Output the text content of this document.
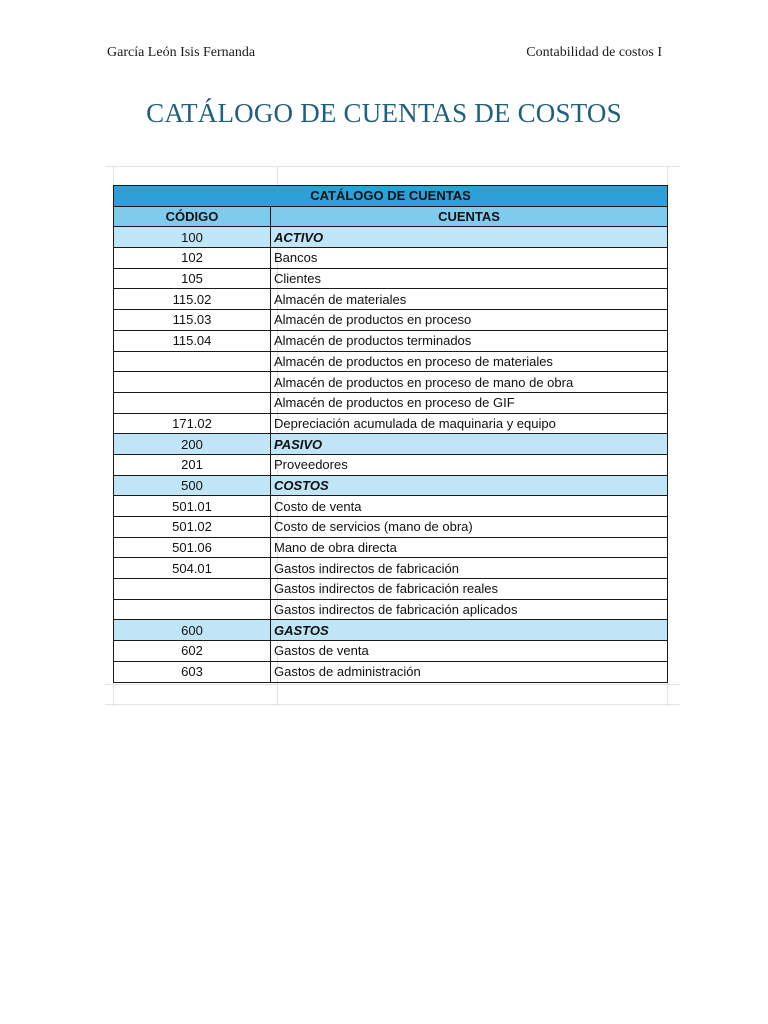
García León Isis Fernanda	Contabilidad de costos I
CATÁLOGO DE CUENTAS DE COSTOS
CATÁLOGO DE CUENTAS	
CÓDIGO	CUENTAS
100	ACTIVO
102	Bancos
105	Clientes
115.02	Almacén de materiales
115.03	Almacén de productos en proceso
115.04	Almacén de productos terminados
	Almacén de productos en proceso de materiales
	Almacén de productos en proceso de mano de obra
	Almacén de productos en proceso de GIF
171.02	Depreciación acumulada de maquinaria y equipo
200	PASIVO
201	Proveedores
500	COSTOS
501.01	Costo de venta
501.02	Costo de servicios (mano de obra)
501.06	Mano de obra directa
504.01	Gastos indirectos de fabricación
	Gastos indirectos de fabricación reales
	Gastos indirectos de fabricación aplicados
600	GASTOS
602	Gastos de venta
603	Gastos de administración
